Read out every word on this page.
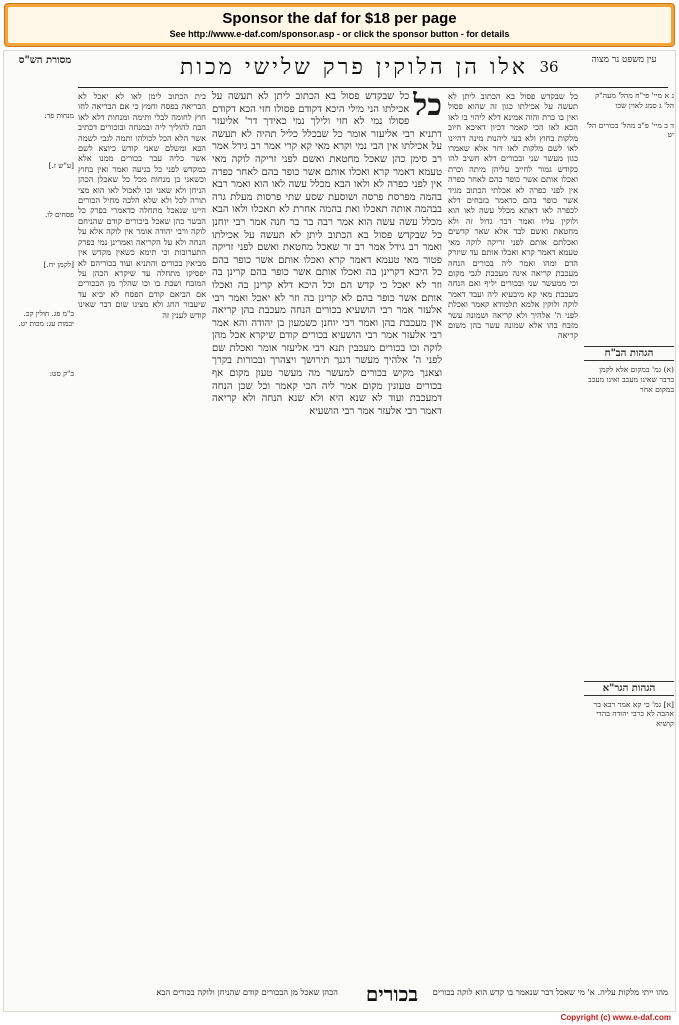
Sponsor the daf for $18 per page
See http://www.e-daf.com/sponsor.asp - or click the sponsor button - for details
מסורת הש"ס	אלו הן הלוקין פרק שלישי מכות 36	עין משפט נר מצוה
מנחות פד:
[ע"ש ז.]
פסחים לו.
[לקמן יח.]
ב"מ פג. חולין קכ. יבמות עג: מכות יט.
ב"ק סט:
בית הכתוב לימן לאו לא יאכל לא הבריאה בפסח וחמץ כי אם הבריאה לחו חוץ לחומה לבלי ותימה ומנחות דלא לאו הבה להוליך ליה ובמנחה ובוכורים דכתיב אשר הלא הכל לכולהו ותמה לגבי לשמה הבא ומשלם שאני קודש כיוצא לשם אשר כליה עבר בכורים ממנו אלא במקדש לפני כל בגיעה ואמר ואין בחוץ וכשאני בן מנחות מכל כל שאכלן הכהן הניחן ולא שאני וכו לאכול לאו הוא מצי תורה לכל ולא שלא הלכה מחיל הבורים היינו שנאכל מתחלה כדאמרי בפרק כל הבשר כהן שאכל ביכורים קודם שהניחם לוקה ורבי יהודה אומר אין לוקה אלא על הנחה ולא על הקריאה ואמרינן נמי בפרק התערובות וכי תימא כשאין מקדש אין מביאין בכורים והתניא ועוד בכוריהם לא יפסיקו מתחלה עד שיקרא הכהן על המזבח ושבת בו וכו שהלך מן הבכורים אם הביאם קודם הפסח לא יביא עד שיעבור החג ולא מצינו שום דבר שאינו קודש לענין זה
כל
כל שבקדש פסול בא הכתוב ליתן לא תעשה על אכילתו הני מילי היכא דקודם פסולו חזי הכא דקודם פסולו נמי לא חזי ולילך נמי כאידך דר' אליעזר דתניא רבי אליעזר אומר כל שבכלל כליל תהיה לא תעשה על אכילתו אין הבי נמי וקרא מאי קא קרי אמר רב גידל אמר רב סימן כהן שאכל מחטאת ואשם לפני זריקה לוקה מאי טעמא דאמר קרא ואכלו אותם אשר כופר בהם לאחר כפרה אין לפני כפרה לא ולאו הבא מכלל עשה לאו הוא ואמר רבא בהמה מפרסת פרסה ושוסעת שסע שתי פרסות מעלת גרה בבהמה אותה תאכלו ואת בהמה אחרת לא תאכלו ולאו הבא מכלל עשה עשה הוא אמר רבה בר בר חנה אמר רבי יוחנן כל שבקדש פסול בא הכתוב ליתן לא תעשה על אכילתו ואמר רב גידל אמר רב זר שאכל מחטאת ואשם לפני זריקה פטור מאי טעמא דאמר קרא ואכלו אותם אשר כופר בהם כל היכא דקרינן בה ואכלו אותם אשר כופר בהם קרינן בה וזר לא יאכל כי קדש הם וכל היכא דלא קרינן בה ואכלו אותם אשר כופר בהם לא קרינן בה וזר לא יאכל ואמר רבי אלעזר אמר רבי הושעיא בכורים הנחה מעכבת בהן קריאה אין מעכבת בהן ואמר רבי יוחנן כשמעון בן יהודה והא אמר רבי אלעזר אמר רבי הושעיא בכורים קודם שיקרא אכל מהן לוקה וכו בכורים מעכבין תנא רבי אליעזר אומר ואכלת שם לפני ה' אלהיך מעשר דגנך תירושך ויצהרך ובכורות בקרך וצאנך מקיש בכורים למעשר מה מעשר טעון מקום אף בכורים טעונין מקום אמר ליה הכי קאמר וכל שכן הנחה דמעכבת ועוד לא שנא היא ולא שנא הנחה ולא קריאה דאמר רבי אלעזר אמר רבי הושעיא
כל שבקדש פסול בא הכתוב ליתן לא תעשה על אכילתו כגון זה שהוא פסול ואין בו כרת והוה אמינא דלא ליהוי בו לאו הכא לאו הכי קאמר דכיון דאיכא חיוב מלקות בחוץ ולא בעי ליהנות מינה דהיינו לאו לשם מלקות לאו דזר אלא שאמרו כגון מעשר שני ובכורים דלא חשיב להו כקודש גמור לחייב עליהן מיתה וכרת ואכלו אותם אשר כופר בהם לאחר כפרה אין לפני כפרה לא אכלתי הכתוב מגיד אשר כופר בהם כדאמר בזבחים דלא לכפרה לאו דאתא מכלל עשה לאו הוא ולוקין עליו ואמר דבר גדול זה ולא מחטאת ואשם לבד אלא שאר קדשים ואכלתם אותם לפני זריקה לוקה מאי טעמא דאמר קרא ואכלו אותם עד שיזרק הדם ומהו ואמר ליה בכורים הנחה מעכבת קריאה אינה מעכבת לגבי מקום וכי ממעשר שני ובכורים יליף ואם הנחה מעכבת מאי קא מיבעיא ליה ועבד דאמר לוקה ולוקין אלמא תלמודא קאמר ואכלת לפני ה' אלהיך ולא קריאה ושמונה עשר מזבח בהו אלא שמונה עשר בהן משום קריאה
ג א מיי' פי"ח מהל' מעה"ק הל' ג סמג לאוין שכו
ד ב מיי' פ"ב מהל' בכורים הל' יט
הגהות הב"ח
(א) גמ' במקום אלא לקמן בדבר שאינו מעכב ואינו מעכב במקום אחר
הגהות הגר"א
[א] גמ' כי קא אמר רבא בר אהבה לא כרבי יהודה בהדי קושיא
מהו ייתי מלקות עליה. א' מי שאכל דבר שנאמר בו קדש הוא לוקה בכורים
בכורים
הכהן שאכל מן הבכורים קודם שהניחן ולוקה בכורים הבא
Copyright (c) www.e-daf.com
